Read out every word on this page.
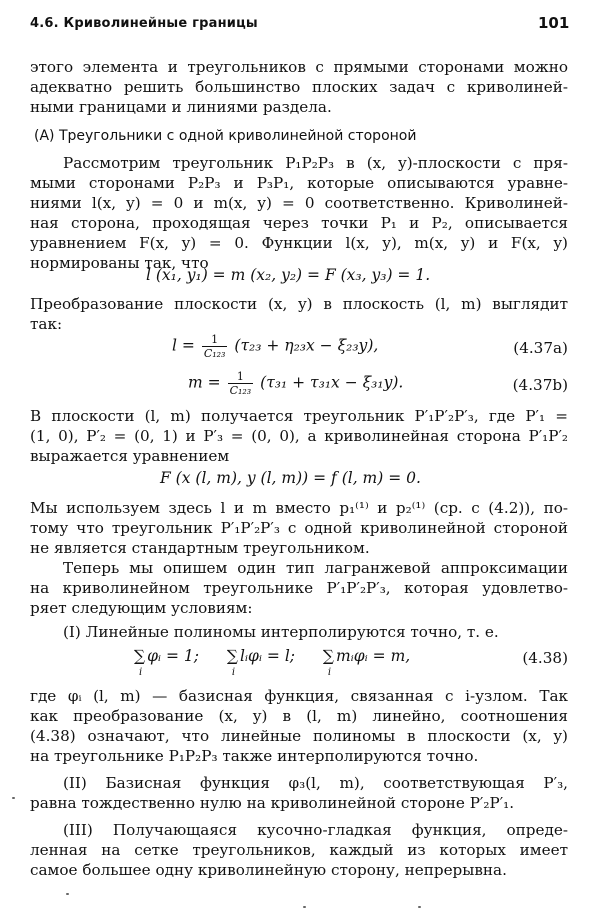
4.6. Криволинейные границы	101
этого элемента и треугольников с прямыми сторонами можно
адекватно решить большинство плоских задач с криволиней-
ными границами и линиями раздела.
(А) Треугольники с одной криволинейной стороной
Рассмотрим треугольник P₁P₂P₃ в (x, y)-плоскости с пря-
мыми сторонами P₂P₃ и P₃P₁, которые описываются уравне-
ниями l(x, y) = 0 и m(x, y) = 0 соответственно. Криволиней-
ная сторона, проходящая через точки P₁ и P₂, описывается
уравнением F(x, y) = 0. Функции l(x, y), m(x, y) и F(x, y)
нормированы так, что
l (x₁, y₁) = m (x₂, y₂) = F (x₃, y₃) = 1.
Преобразование плоскости (x, y) в плоскость (l, m) выглядит
так:
$l = \frac{1}{\text{C₁₂₃}} (\tau_{23} + \eta_{23}x - \xi_{23}y)$,	(4.37a)
$m = \frac{1}{\text{C₁₂₃}} (\tau_{31} + \tau_{31}x - \xi_{31}y)$.	(4.37b)
В плоскости (l, m) получается треугольник P′₁P′₂P′₃, где P′₁ =
(1, 0), P′₂ = (0, 1) и P′₃ = (0, 0), а криволинейная сторона P′₁P′₂
выражается уравнением
F (x (l, m), y (l, m)) = f (l, m) = 0.
Мы используем здесь l и m вместо p₁⁽¹⁾ и p₂⁽¹⁾ (ср. с (4.2)), по-
тому что треугольник P′₁P′₂P′₃ с одной криволинейной стороной
не является стандартным треугольником.
Теперь мы опишем один тип лагранжевой аппроксимации
на криволинейном треугольнике P′₁P′₂P′₃, которая удовлетво-
ряет следующим условиям:
(I) Линейные полиномы интерполируются точно, т. е.
∑
i
φᵢ = 1; ∑
i
lᵢφᵢ = l; ∑
i
mᵢφᵢ = m,	(4.38)
где φᵢ (l, m) — базисная функция, связанная с i-узлом. Так
как преобразование (x, y) в (l, m) линейно, соотношения
(4.38) означают, что линейные полиномы в плоскости (x, y)
на треугольнике P₁P₂P₃ также интерполируются точно.
(II) Базисная функция φ₃(l, m), соответствующая P′₃,
равна тождественно нулю на криволинейной стороне P′₂P′₁.
(III) Получающаяся кусочно-гладкая функция, опреде-
ленная на сетке треугольников, каждый из которых имеет
самое большее одну криволинейную сторону, непрерывна.
